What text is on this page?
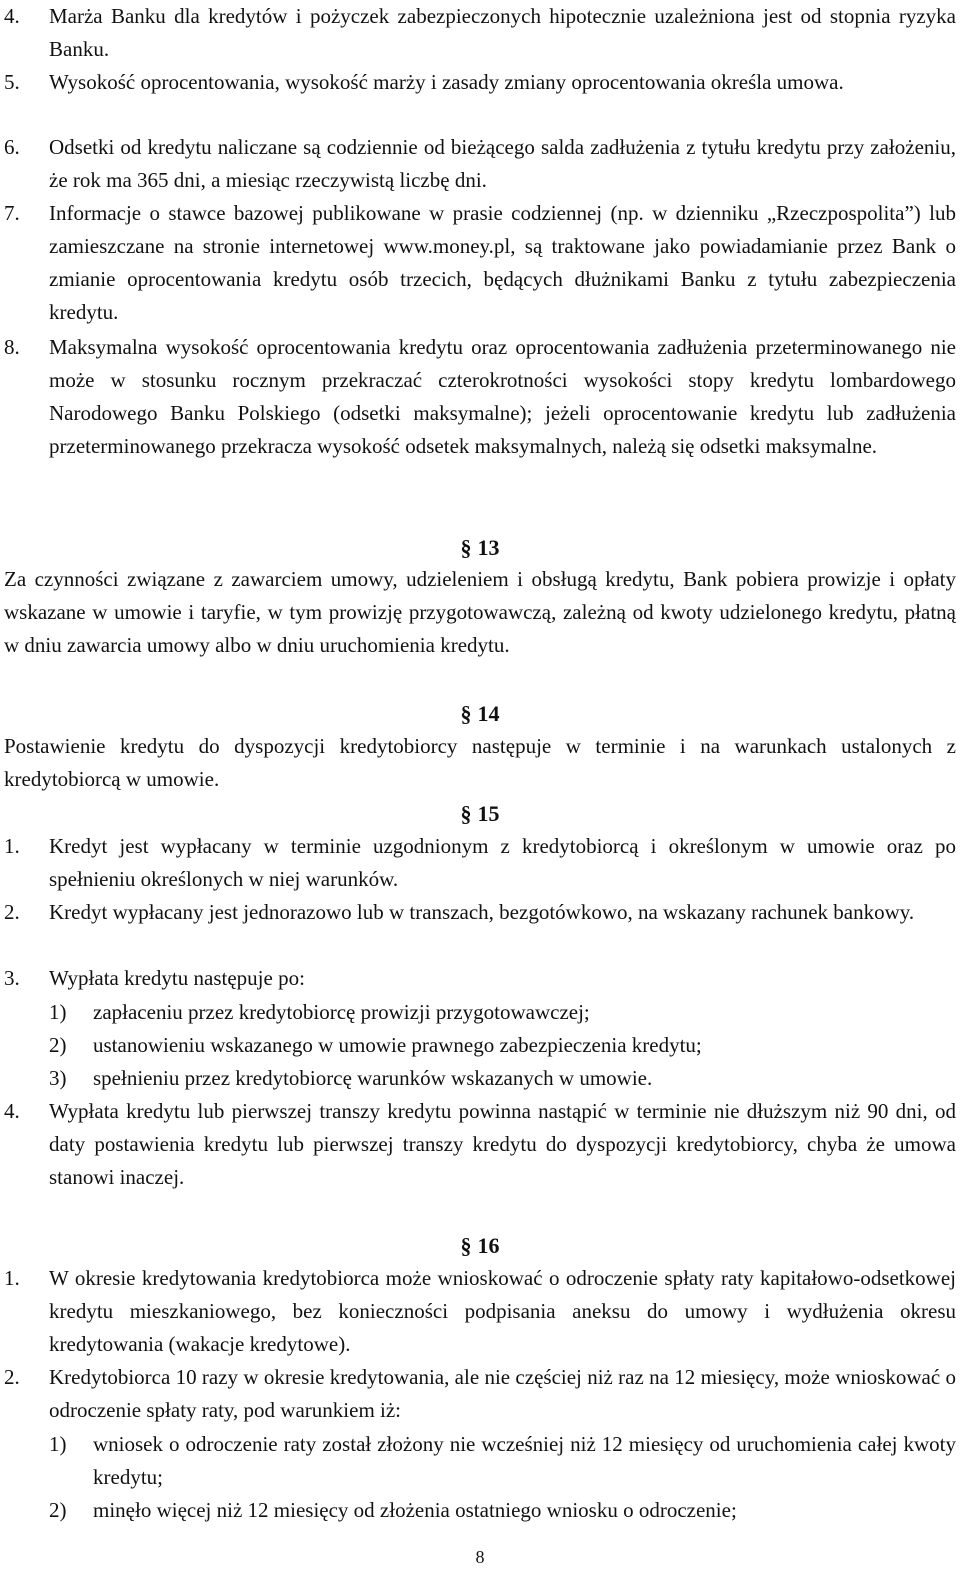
4. Marża Banku dla kredytów i pożyczek zabezpieczonych hipotecznie uzależniona jest od stopnia ryzyka Banku.
5. Wysokość oprocentowania, wysokość marży i zasady zmiany oprocentowania określa umowa.
6. Odsetki od kredytu naliczane są codziennie od bieżącego salda zadłużenia z tytułu kredytu przy założeniu, że rok ma 365 dni, a miesiąc rzeczywistą liczbę dni.
7. Informacje o stawce bazowej publikowane w prasie codziennej (np. w dzienniku „Rzeczpospolita”) lub zamieszczane na stronie internetowej www.money.pl, są traktowane jako powiadamianie przez Bank o zmianie oprocentowania kredytu osób trzecich, będących dłużnikami Banku z tytułu zabezpieczenia kredytu.
8. Maksymalna wysokość oprocentowania kredytu oraz oprocentowania zadłużenia przeterminowanego nie może w stosunku rocznym przekraczać czterokrotności wysokości stopy kredytu lombardowego Narodowego Banku Polskiego (odsetki maksymalne); jeżeli oprocentowanie kredytu lub zadłużenia przeterminowanego przekracza wysokość odsetek maksymalnych, należą się odsetki maksymalne.
§ 13
Za czynności związane z zawarciem umowy, udzieleniem i obsługą kredytu, Bank pobiera prowizje i opłaty wskazane w umowie i taryfie, w tym prowizję przygotowawczą, zależną od kwoty udzielonego kredytu, płatną w dniu zawarcia umowy albo w dniu uruchomienia kredytu.
§ 14
Postawienie kredytu do dyspozycji kredytobiorcy następuje w terminie i na warunkach ustalonych z kredytobiorcą w umowie.
§ 15
1. Kredyt jest wypłacany w terminie uzgodnionym z kredytobiorcą i określonym w umowie oraz po spełnieniu określonych w niej warunków.
2. Kredyt wypłacany jest jednorazowo lub w transzach, bezgotówkowo, na wskazany rachunek bankowy.
3. Wypłata kredytu następuje po:
1) zapłaceniu przez kredytobiorcę prowizji przygotowawczej;
2) ustanowieniu wskazanego w umowie prawnego zabezpieczenia kredytu;
3) spełnieniu przez kredytobiorcę warunków wskazanych w umowie.
4. Wypłata kredytu lub pierwszej transzy kredytu powinna nastąpić w terminie nie dłuższym niż 90 dni, od daty postawienia kredytu lub pierwszej transzy kredytu do dyspozycji kredytobiorcy, chyba że umowa stanowi inaczej.
§ 16
1. W okresie kredytowania kredytobiorca może wnioskować o odroczenie spłaty raty kapitałowo-odsetkowej kredytu mieszkaniowego, bez konieczności podpisania aneksu do umowy i wydłużenia okresu kredytowania (wakacje kredytowe).
2. Kredytobiorca 10 razy w okresie kredytowania, ale nie częściej niż raz na 12 miesięcy, może wnioskować o odroczenie spłaty raty, pod warunkiem iż:
1) wniosek o odroczenie raty został złożony nie wcześniej niż 12 miesięcy od uruchomienia całej kwoty kredytu;
2) minęło więcej niż 12 miesięcy od złożenia ostatniego wniosku o odroczenie;
8
